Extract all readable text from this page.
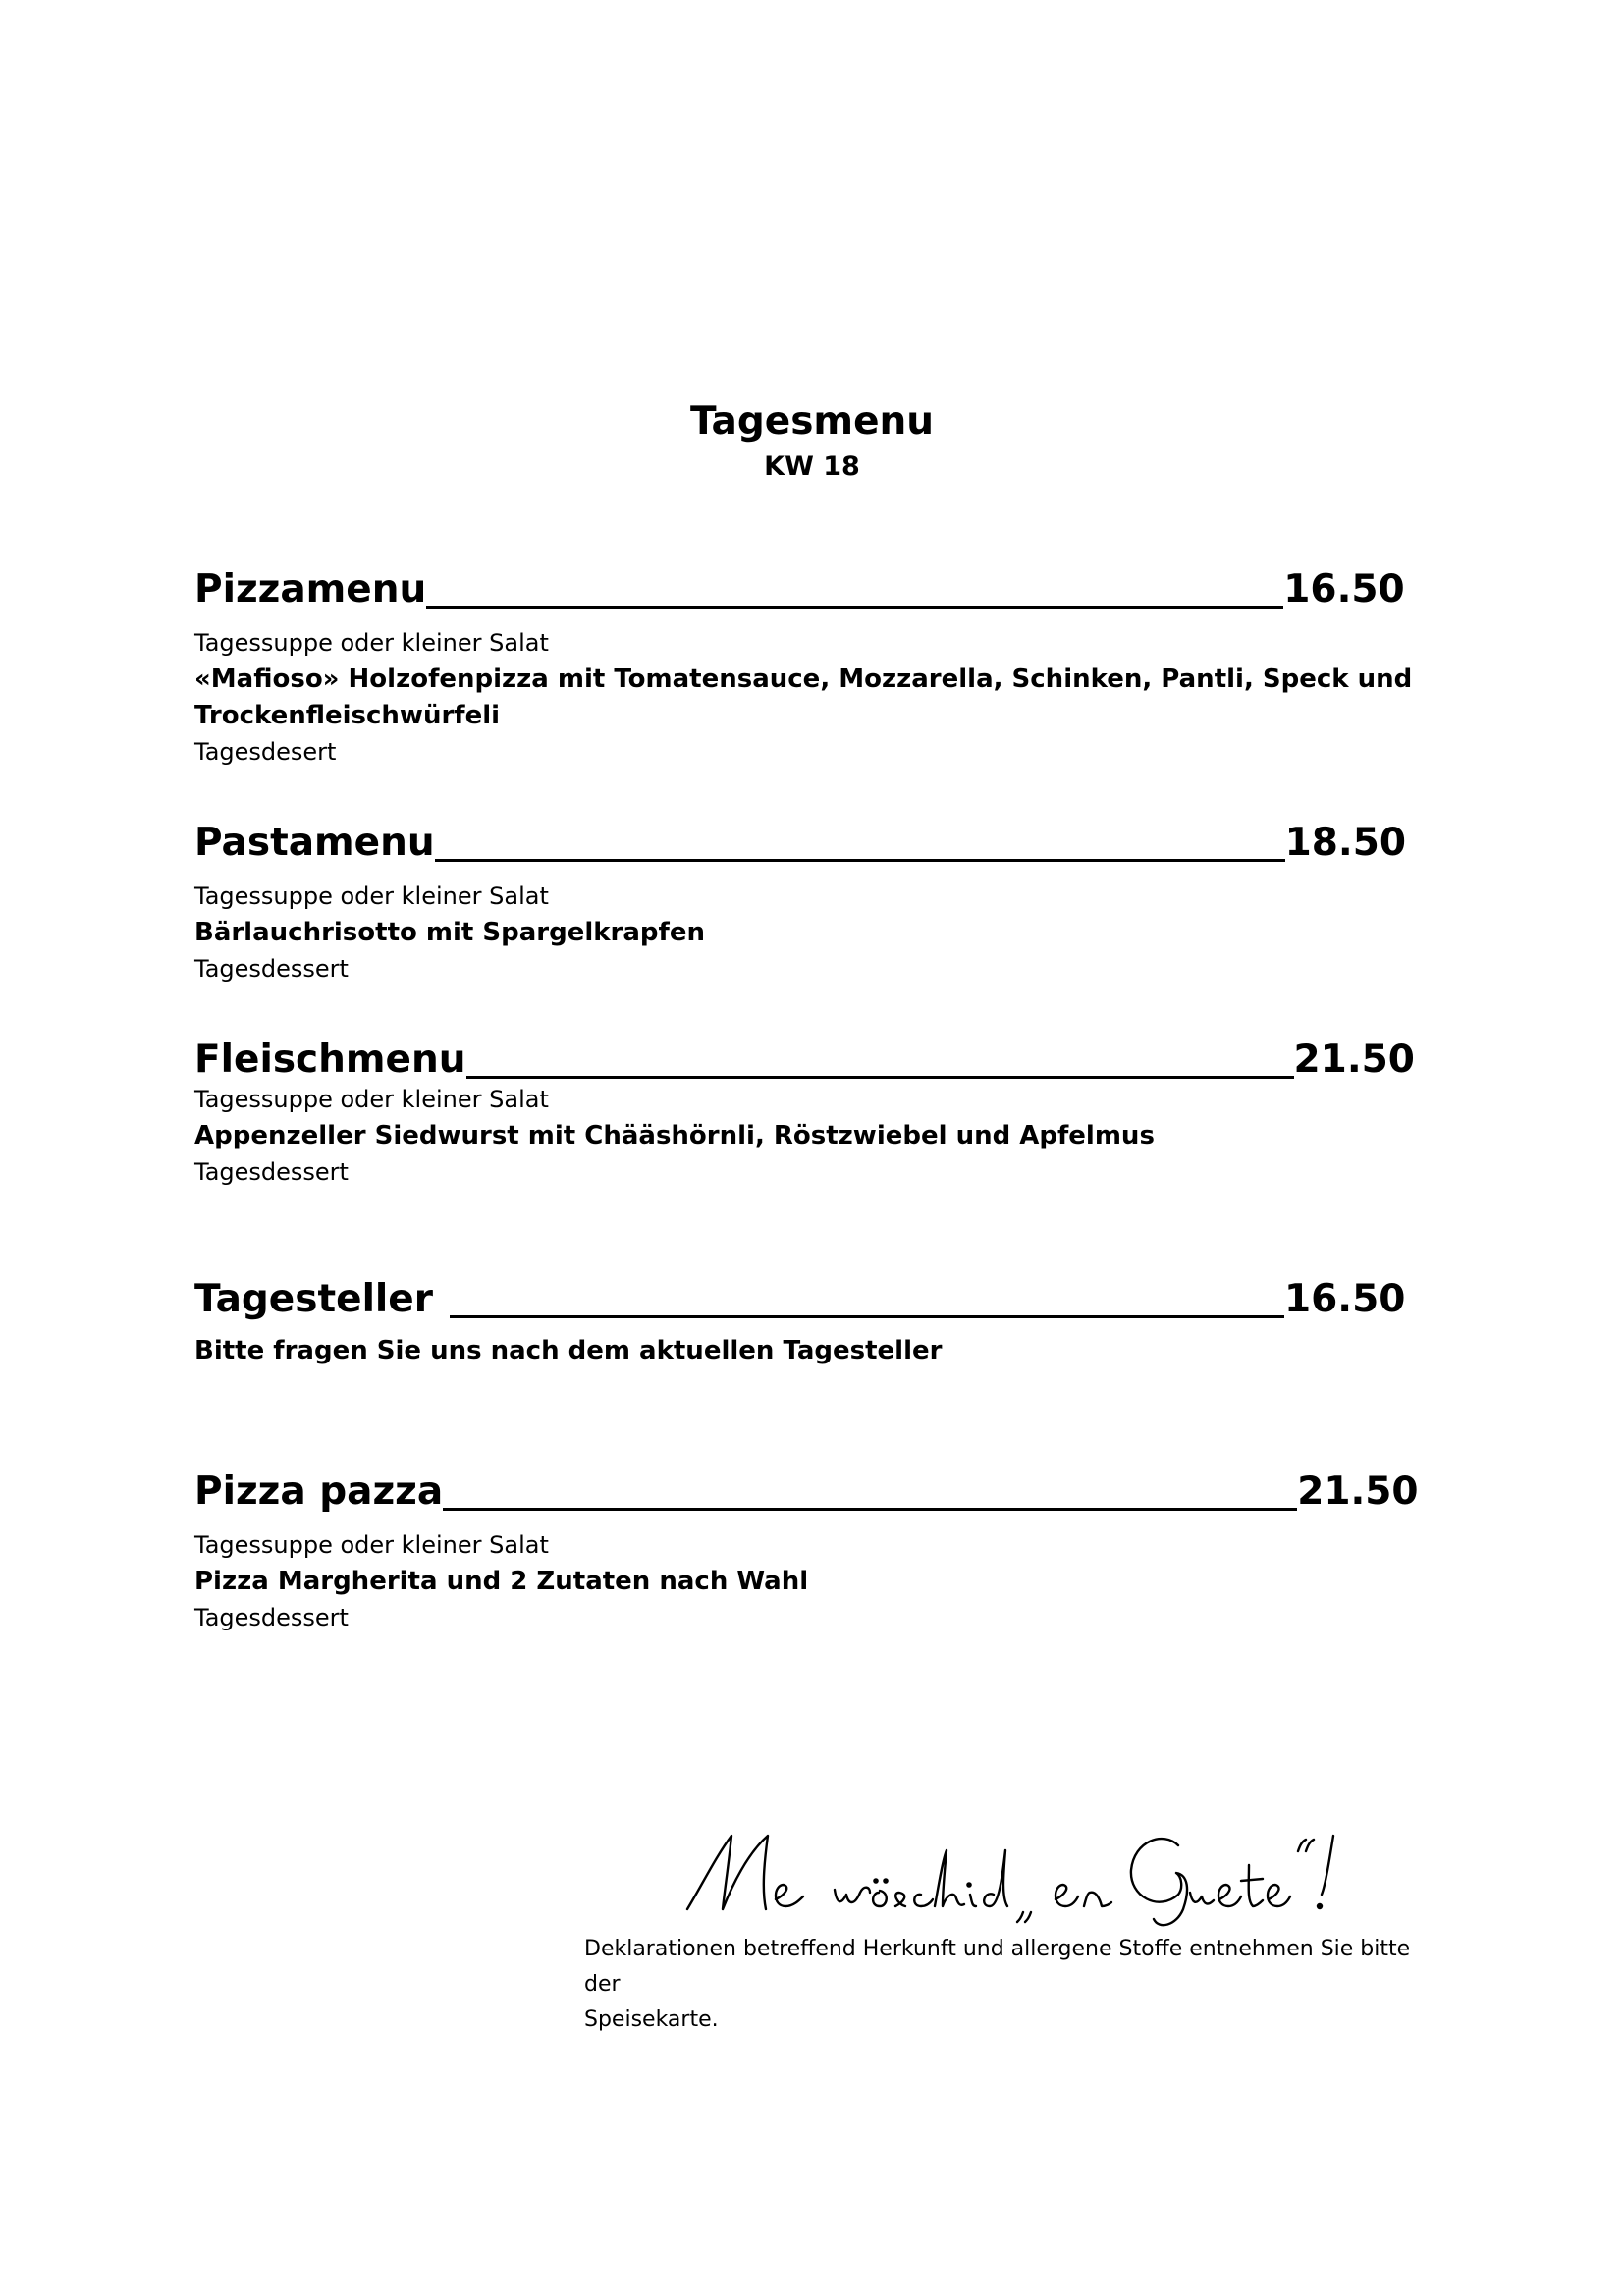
Tagesmenu
KW 18
Pizzamenu	16.50
Tagessuppe oder kleiner Salat
«Mafioso» Holzofenpizza mit Tomatensauce, Mozzarella, Schinken, Pantli, Speck und
Trockenfleischwürfeli
Tagesdesert
Pastamenu	18.50
Tagessuppe oder kleiner Salat
Bärlauchrisotto mit Spargelkrapfen
Tagesdessert
Fleischmenu	21.50
Tagessuppe oder kleiner Salat
Appenzeller Siedwurst mit Chääshörnli, Röstzwiebel und Apfelmus
Tagesdessert
Tagesteller	16.50
Bitte fragen Sie uns nach dem aktuellen Tagesteller
Pizza pazza	21.50
Tagessuppe oder kleiner Salat
Pizza Margherita und 2 Zutaten nach Wahl
Tagesdessert
Deklarationen betreffend Herkunft und allergene Stoffe entnehmen Sie bitte der
Speisekarte.
